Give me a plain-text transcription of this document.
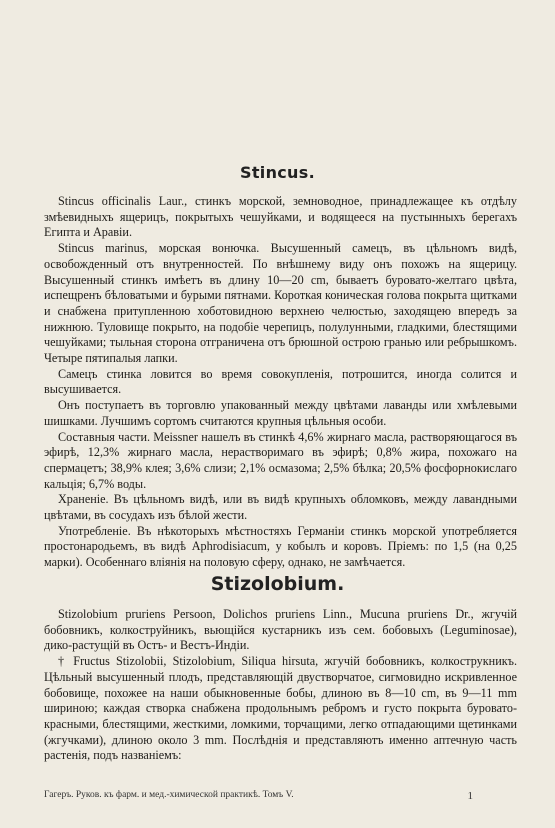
Stincus.

Stincus officinalis Laur., стинкъ морской, земноводное, принадлежащее къ отдѣлу змѣевидныхъ ящерицъ, покрытыхъ чешуйками, и водящееся на пустынныхъ берегахъ Египта и Аравіи.

Stincus marinus, морская вонючка. Высушенный самецъ, въ цѣльномъ видѣ, освобожденный отъ внутренностей. По внѣшнему виду онъ похожъ на ящерицу. Высушенный стинкъ имѣетъ въ длину 10—20 cm, бываетъ буровато-желтаго цвѣта, испещренъ бѣловатыми и бурыми пятнами. Короткая коническая голова покрыта щитками и снабжена притупленною хоботовидною верхнею челюстью, заходящею впередъ за нижнюю. Туловище покрыто, на подобіе черепицъ, полулунными, гладкими, блестящими чешуйками; тыльная сторона отграничена отъ брюшной острою гранью или ребрышкомъ. Четыре пятипалыя лапки.

Самецъ стинка ловится во время совокупленія, потрошится, иногда солится и высушивается.

Онъ поступаетъ въ торговлю упакованный между цвѣтами лаванды или хмѣлевыми шишками. Лучшимъ сортомъ считаются крупныя цѣльныя особи.

Составныя части. Meissner нашелъ въ стинкѣ 4,6% жирнаго масла, растворяющагося въ эфирѣ, 12,3% жирнаго масла, нерастворимаго въ эфирѣ; 0,8% жира, похожаго на спермацетъ; 38,9% клея; 3,6% слизи; 2,1% осмазома; 2,5% бѣлка; 20,5% фосфорнокислаго кальція; 6,7% воды.

Храненіе. Въ цѣльномъ видѣ, или въ видѣ крупныхъ обломковъ, между лавандными цвѣтами, въ сосудахъ изъ бѣлой жести.

Употребленіе. Въ нѣкоторыхъ мѣстностяхъ Германіи стинкъ морской употребляется простонародьемъ, въ видѣ Aphrodisiacum, у кобылъ и коровъ. Пріемъ: по 1,5 (на 0,25 марки). Особеннаго вліянія на половую сферу, однако, не замѣчается.

Stizolobium.

Stizolobium pruriens Persoon, Dolichos pruriens Linn., Mucuna pruriens Dr., жгучій бобовникъ, колкоструйникъ, вьющійся кустарникъ изъ сем. бобовыхъ (Leguminosae), дико-растущій въ Остъ- и Вестъ-Индіи.

† Fructus Stizolobii, Stizolobium, Siliqua hirsuta, жгучій бобовникъ, колкострукникъ. Цѣльный высушенный плодъ, представляющій двустворчатое, сигмовидно искривленное бобовище, похожее на наши обыкновенные бобы, длиною въ 8—10 cm, въ 9—11 mm шириною; каждая створка снабжена продольнымъ ребромъ и густо покрыта буровато-красными, блестящими, жесткими, ломкими, торчащими, легко отпадающими щетинками (жгучками), длиною около 3 mm. Послѣднія и представляютъ именно аптечную часть растенія, подъ названіемъ:

Гагеръ. Руков. къ фарм. и мед.-химической практикѣ. Томъ V.	1
